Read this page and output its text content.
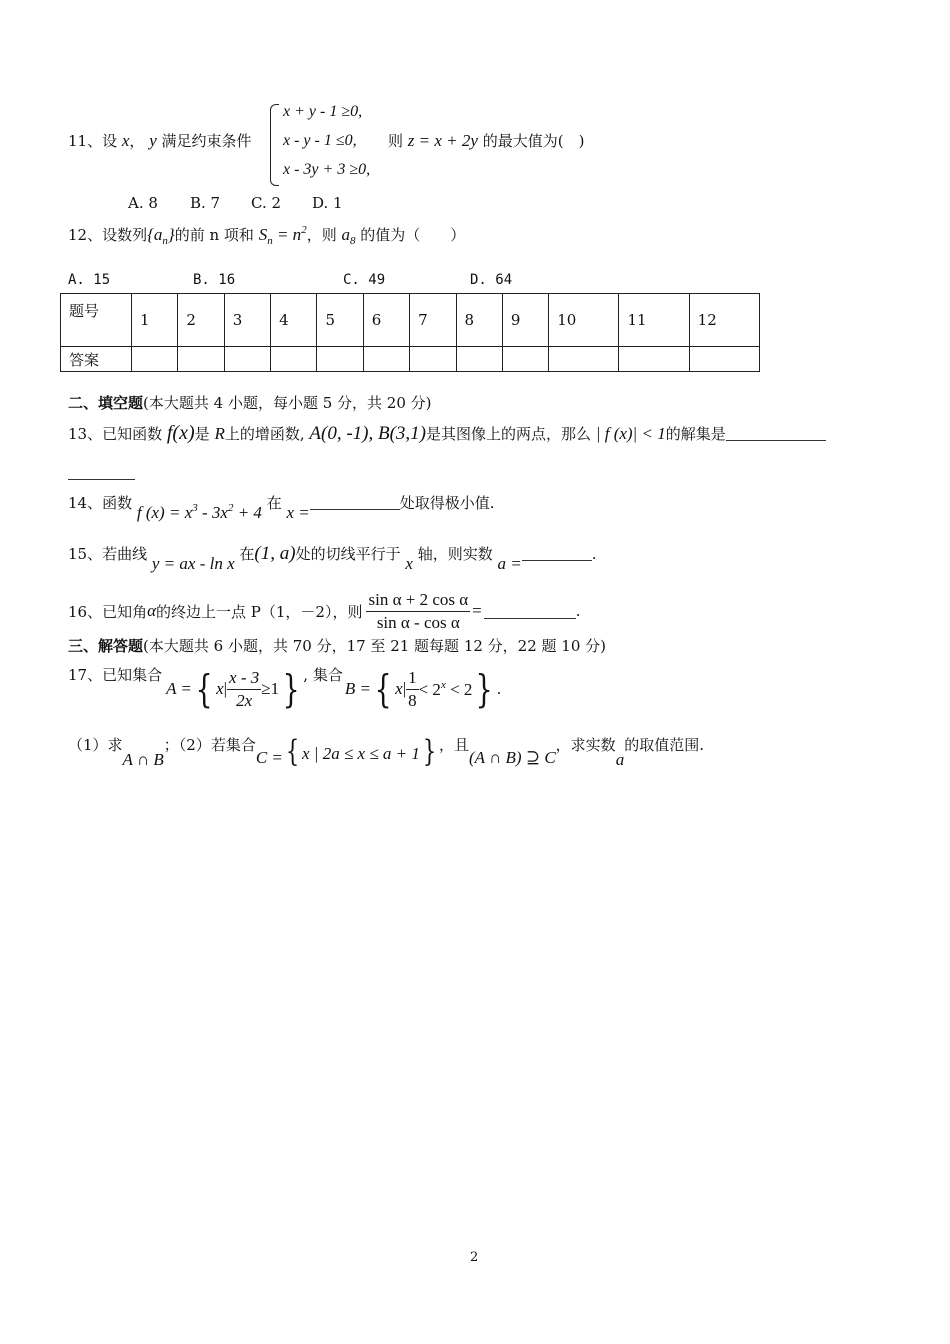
11、设 x， y 满足约束条件
x + y - 1 ≥0,
x - y - 1 ≤0,
x - 3y + 3 ≥0,
则 z = x + 2y 的最大值为(　)
A. 8 B. 7 C. 2 D. 1
12、设数列$\{a_n\}$的前 n 项和 $S_n = n^2$，则 $a_8$ 的值为（　　）
A. 15	B. 16	C. 49	D. 64
题号	1	2	3	4	5	6	7	8	9	10	11	12
答案												
二、填空题(本大题共 4 小题，每小题 5 分，共 20 分)
13、已知函数 f(x)是 R上的增函数, A(0, -1), B(3,1)是其图像上的两点，那么 | f (x)| < 1的解集是
14、函数 f $(x) = x^3 - 3x^2 + 4$ 在 x =	处取得极小值.
15、若曲线 y = ax - ln x 在(1, a)处的切线平行于 x 轴，则实数 a =	.
16、已知角 α 的终边上一点 P（1，－2），则 $\frac{\text{sin α + 2 cos α}}{\text{sin α - cos α}}$ =	.
三、解答题(本大题共 6 小题，共 70 分，17 至 21 题每题 12 分，22 题 10 分)
17、已知集合
A = { x | $\frac{x - 3}{2x} \ge 1$ } , 集合
B = { x | $\frac{1}{8} < 2^x < 2$ } .
（1）求
A ∩ B
；（2）若集合
C = { x | 2a ≤ x ≤ a + 1 } ，且
(A ∩ B) ⊇ C
，求实数
a
的取值范围.
2
